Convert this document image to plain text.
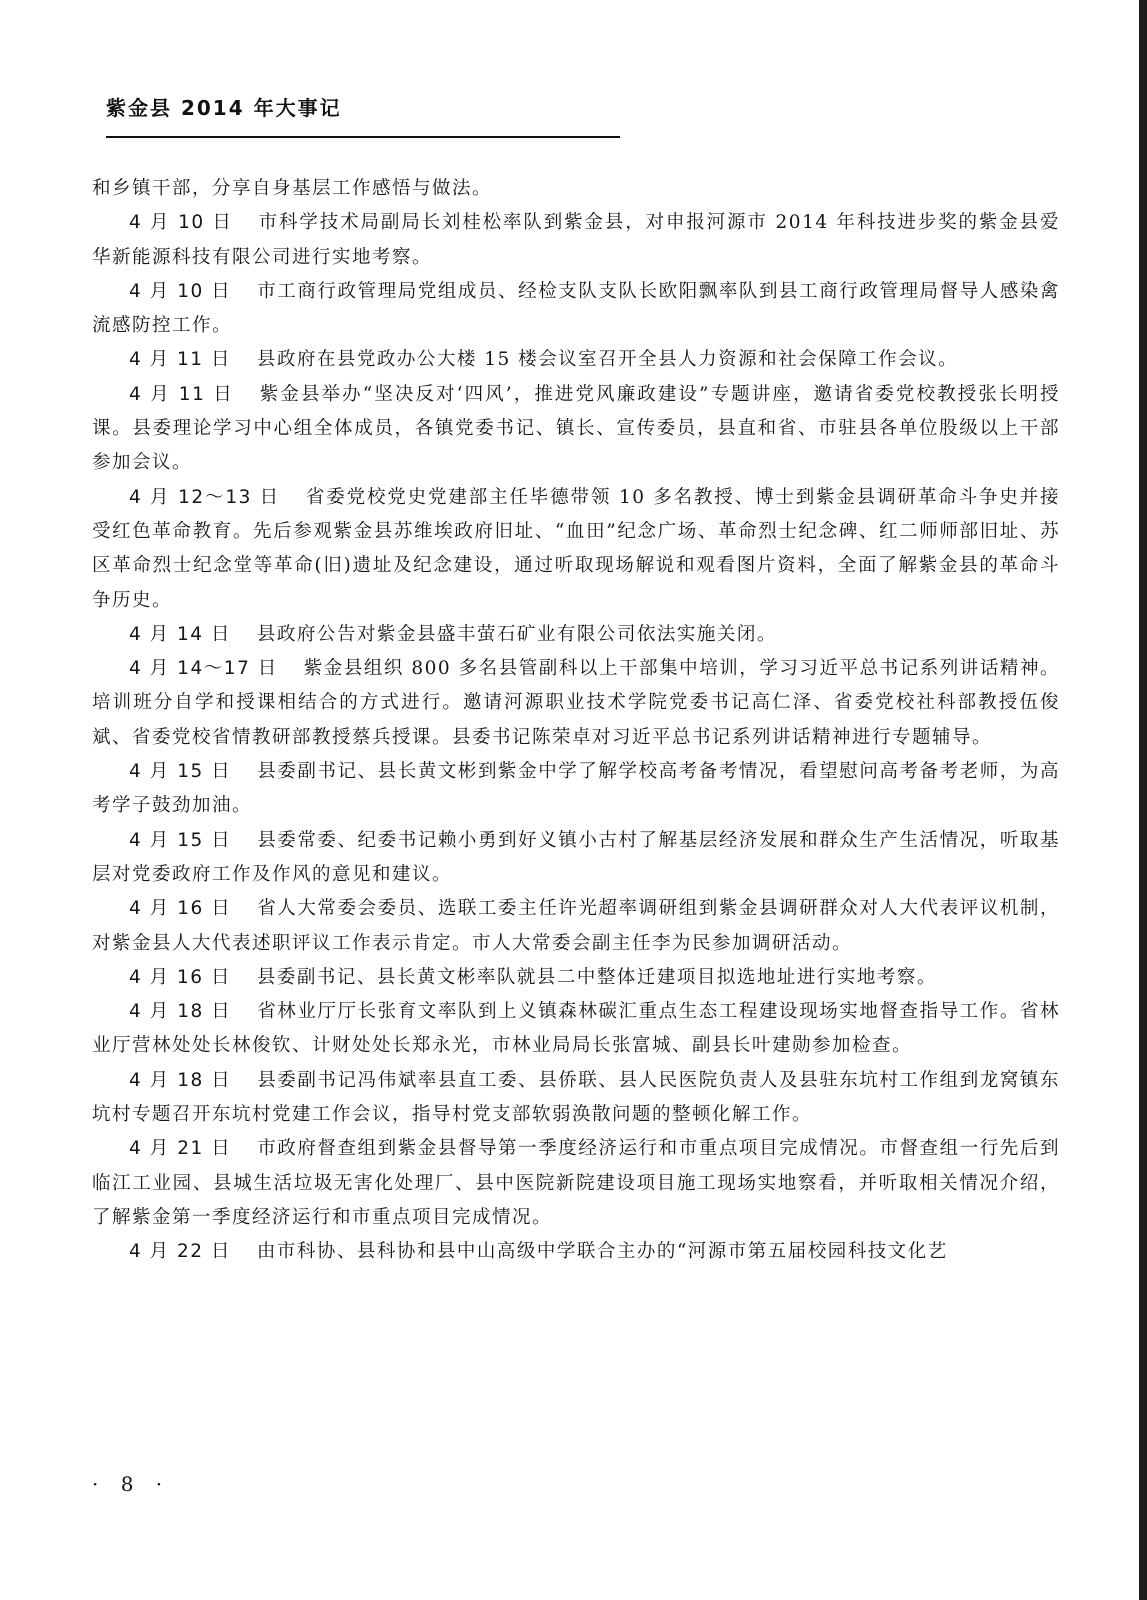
紫金县 2014 年大事记

和乡镇干部，分享自身基层工作感悟与做法。

4 月 10 日 市科学技术局副局长刘桂松率队到紫金县，对申报河源市 2014 年科技进步奖的紫金县爱华新能源科技有限公司进行实地考察。

4 月 10 日 市工商行政管理局党组成员、经检支队支队长欧阳飘率队到县工商行政管理局督导人感染禽流感防控工作。

4 月 11 日 县政府在县党政办公大楼 15 楼会议室召开全县人力资源和社会保障工作会议。

4 月 11 日 紫金县举办“坚决反对‘四风’，推进党风廉政建设”专题讲座，邀请省委党校教授张长明授课。县委理论学习中心组全体成员，各镇党委书记、镇长、宣传委员，县直和省、市驻县各单位股级以上干部参加会议。

4 月 12～13 日 省委党校党史党建部主任毕德带领 10 多名教授、博士到紫金县调研革命斗争史并接受红色革命教育。先后参观紫金县苏维埃政府旧址、“血田”纪念广场、革命烈士纪念碑、红二师师部旧址、苏区革命烈士纪念堂等革命(旧)遗址及纪念建设，通过听取现场解说和观看图片资料，全面了解紫金县的革命斗争历史。

4 月 14 日 县政府公告对紫金县盛丰萤石矿业有限公司依法实施关闭。

4 月 14～17 日 紫金县组织 800 多名县管副科以上干部集中培训，学习习近平总书记系列讲话精神。培训班分自学和授课相结合的方式进行。邀请河源职业技术学院党委书记高仁泽、省委党校社科部教授伍俊斌、省委党校省情教研部教授蔡兵授课。县委书记陈荣卓对习近平总书记系列讲话精神进行专题辅导。

4 月 15 日 县委副书记、县长黄文彬到紫金中学了解学校高考备考情况，看望慰问高考备考老师，为高考学子鼓劲加油。

4 月 15 日 县委常委、纪委书记赖小勇到好义镇小古村了解基层经济发展和群众生产生活情况，听取基层对党委政府工作及作风的意见和建议。

4 月 16 日 省人大常委会委员、选联工委主任许光超率调研组到紫金县调研群众对人大代表评议机制，对紫金县人大代表述职评议工作表示肯定。市人大常委会副主任李为民参加调研活动。

4 月 16 日 县委副书记、县长黄文彬率队就县二中整体迁建项目拟选地址进行实地考察。

4 月 18 日 省林业厅厅长张育文率队到上义镇森林碳汇重点生态工程建设现场实地督查指导工作。省林业厅营林处处长林俊钦、计财处处长郑永光，市林业局局长张富城、副县长叶建勋参加检查。

4 月 18 日 县委副书记冯伟斌率县直工委、县侨联、县人民医院负责人及县驻东坑村工作组到龙窝镇东坑村专题召开东坑村党建工作会议，指导村党支部软弱涣散问题的整顿化解工作。

4 月 21 日 市政府督查组到紫金县督导第一季度经济运行和市重点项目完成情况。市督查组一行先后到临江工业园、县城生活垃圾无害化处理厂、县中医院新院建设项目施工现场实地察看，并听取相关情况介绍，了解紫金第一季度经济运行和市重点项目完成情况。

4 月 22 日 由市科协、县科协和县中山高级中学联合主办的“河源市第五届校园科技文化艺

· 8 ·
